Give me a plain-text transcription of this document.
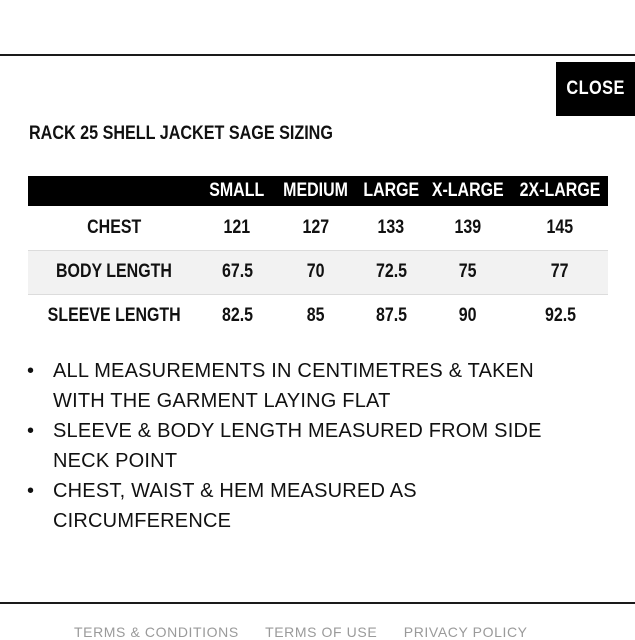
CLOSE
RACK 25 SHELL JACKET SAGE SIZING
	SMALL	MEDIUM	LARGE	X-LARGE	2X-LARGE
CHEST	121	127	133	139	145
BODY LENGTH	67.5	70	72.5	75	77
SLEEVE LENGTH	82.5	85	87.5	90	92.5
• ALL MEASUREMENTS IN CENTIMETRES & TAKEN WITH THE GARMENT LAYING FLAT
• SLEEVE & BODY LENGTH MEASURED FROM SIDE NECK POINT
• CHEST, WAIST & HEM MEASURED AS CIRCUMFERENCE
TERMS & CONDITIONS TERMS OF USE PRIVACY POLICY
